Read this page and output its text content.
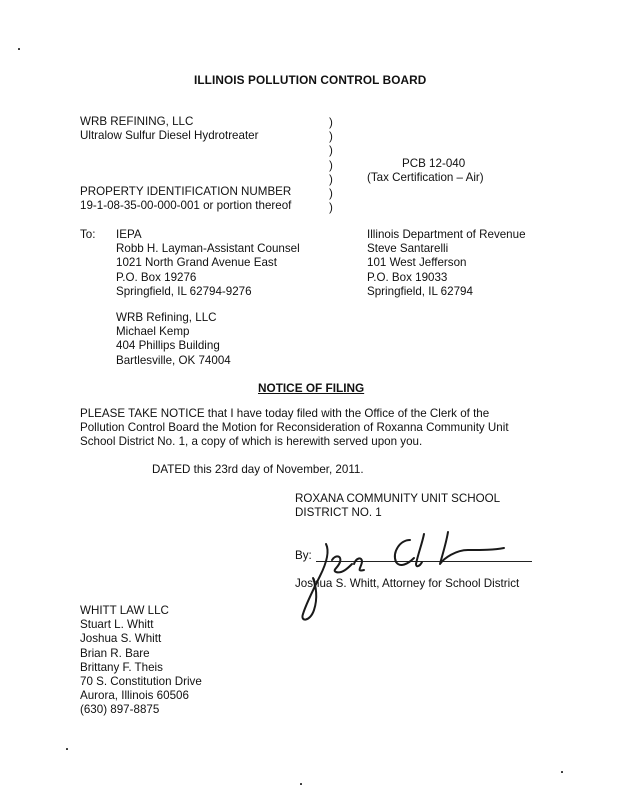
ILLINOIS POLLUTION CONTROL BOARD
WRB REFINING, LLC
Ultralow Sulfur Diesel Hydrotreater
PROPERTY IDENTIFICATION NUMBER
19-1-08-35-00-000-001 or portion thereof
)
)
)
)
)
)
)
PCB 12-040
(Tax Certification – Air)
To: IEPA
Robb H. Layman-Assistant Counsel
1021 North Grand Avenue East
P.O. Box 19276
Springfield, IL 62794-9276
Illinois Department of Revenue
Steve Santarelli
101 West Jefferson
P.O. Box 19033
Springfield, IL 62794
WRB Refining, LLC
Michael Kemp
404 Phillips Building
Bartlesville, OK 74004
NOTICE OF FILING
PLEASE TAKE NOTICE that I have today filed with the Office of the Clerk of the
Pollution Control Board the Motion for Reconsideration of Roxanna Community Unit
School District No. 1, a copy of which is herewith served upon you.
DATED this 23rd day of November, 2011.
ROXANA COMMUNITY UNIT SCHOOL
DISTRICT NO. 1
By:
Joshua S. Whitt, Attorney for School District
WHITT LAW LLC
Stuart L. Whitt
Joshua S. Whitt
Brian R. Bare
Brittany F. Theis
70 S. Constitution Drive
Aurora, Illinois 60506
(630) 897-8875
